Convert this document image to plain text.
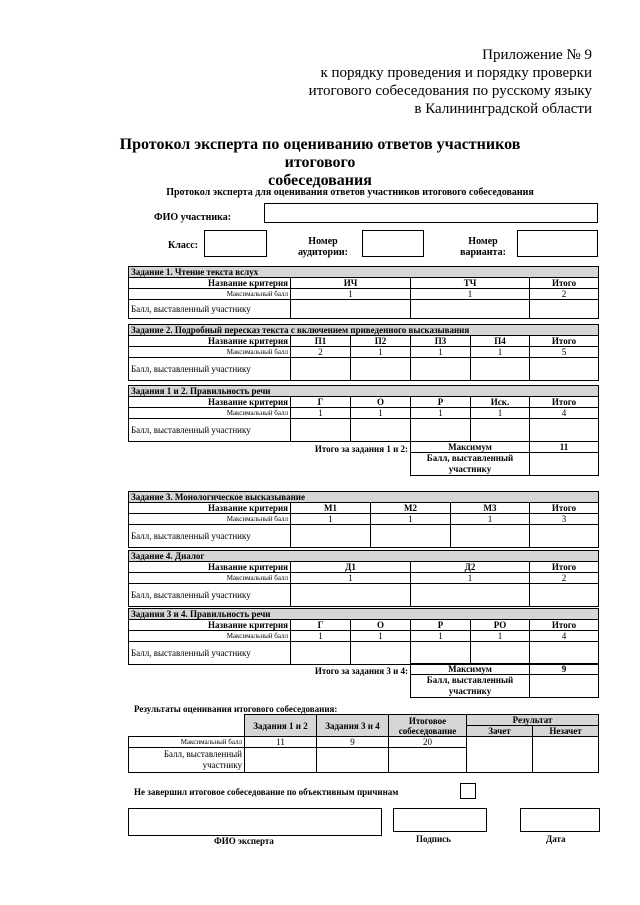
Приложение № 9
к порядку проведения и порядку проверки
итогового собеседования по русскому языку
в Калининградской области
Протокол эксперта по оцениванию ответов участников итогового
собеседования
Протокол эксперта для оценивания ответов участников итогового собеседования
ФИО участника:
Класс:	Номер
аудитории:
Номер
варианта:
Задание 1. Чтение текста вслух			
Название критерия	ИЧ	ТЧ	Итого
Максимальный балл	1	1	2
Балл, выставленный участнику			
Задание 2. Подробный пересказ текста с включением приведенного высказывания					
Название критерия	П1	П2	П3	П4	Итого
Максимальный балл	2	1	1	1	5
Балл, выставленный участнику					
Задания 1 и 2. Правильность речи					
Название критерия	Г	О	Р	Иск.	Итого
Максимальный балл	1	1	1	1	4
Балл, выставленный участнику					
Итого за задания 1 и 2:	Максимум	11
Балл, выставленный участнику	
Задание 3. Монологическое высказывание				
Название критерия	М1	М2	М3	Итого
Максимальный балл	1	1	1	3
Балл, выставленный участнику				
Задание 4. Диалог			
Название критерия	Д1	Д2	Итого
Максимальный балл	1	1	2
Балл, выставленный участнику			
Задания 3 и 4. Правильность речи					
Название критерия	Г	О	Р	РО	Итого
Максимальный балл	1	1	1	1	4
Балл, выставленный участнику					
Итого за задания 3 и 4:	Максимум	9
Балл, выставленный участнику	
Результаты оценивания итогового собеседования:
	Задания 1 и 2	Задания 3 и 4	Итоговое собеседование	Результат	
				Зачет	Незачет
Максимальный балл	11	9	20		
Балл, выставленный участнику					
Не завершил итоговое собеседование по объективным причинам
ФИО эксперта	Подпись	Дата
